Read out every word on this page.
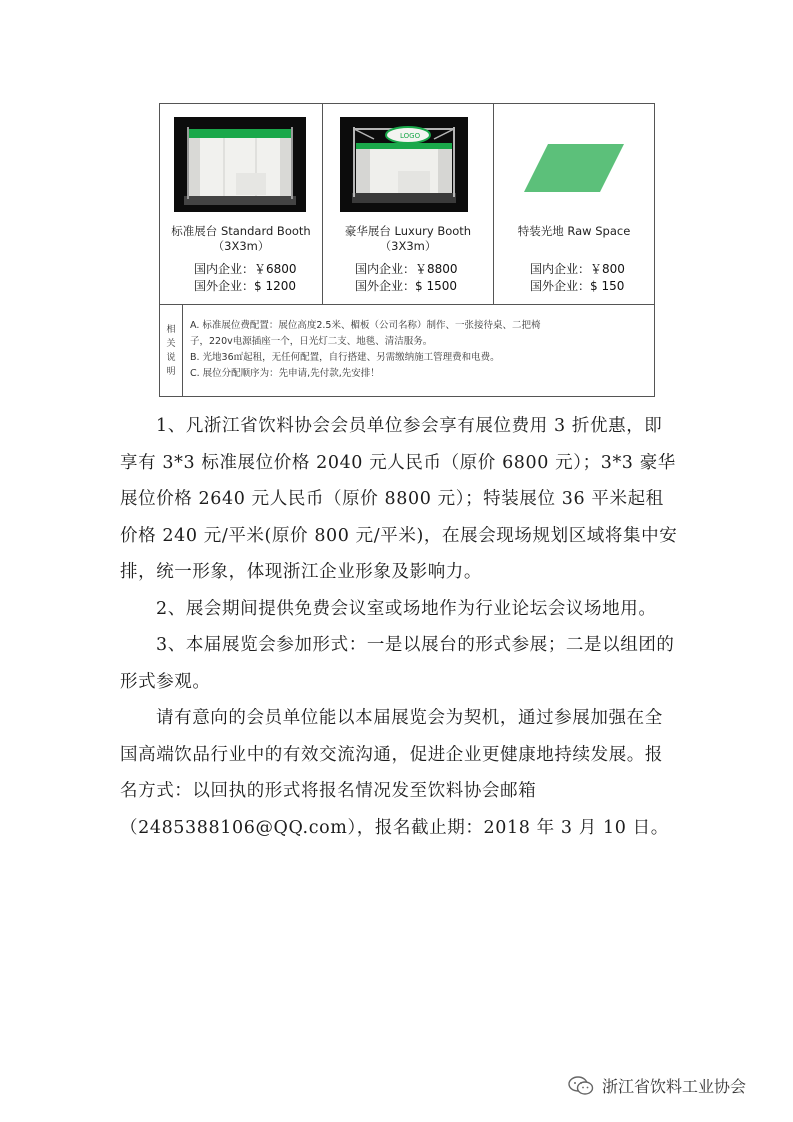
标准展台 Standard Booth
（3X3m）
国内企业：￥6800
国外企业：$ 1200
LOGO
豪华展台 Luxury Booth
（3X3m）
国内企业：￥8800
国外企业：$ 1500
特装光地 Raw Space
国内企业：￥800
国外企业：$ 150
相
关
说
明
A. 标准展位费配置：展位高度2.5米、楣板（公司名称）制作、一张接待桌、二把椅
子，220v电源插座一个，日光灯二支、地毯、清洁服务。
B. 光地36㎡起租，无任何配置，自行搭建、另需缴纳施工管理费和电费。
C. 展位分配顺序为：先申请,先付款,先安排！

1、凡浙江省饮料协会会员单位参会享有展位费用 3 折优惠，即享有 3*3 标准展位价格 2040 元人民币（原价 6800 元）；3*3 豪华展位价格 2640 元人民币（原价 8800 元）；特装展位 36 平米起租价格 240 元/平米(原价 800 元/平米)，在展会现场规划区域将集中安排，统一形象，体现浙江企业形象及影响力。

2、展会期间提供免费会议室或场地作为行业论坛会议场地用。

3、本届展览会参加形式：一是以展台的形式参展；二是以组团的形式参观。

请有意向的会员单位能以本届展览会为契机，通过参展加强在全国高端饮品行业中的有效交流沟通，促进企业更健康地持续发展。报名方式：以回执的形式将报名情况发至饮料协会邮箱（2485388106@QQ.com），报名截止期：2018 年 3 月 10 日。

浙江省饮料工业协会
